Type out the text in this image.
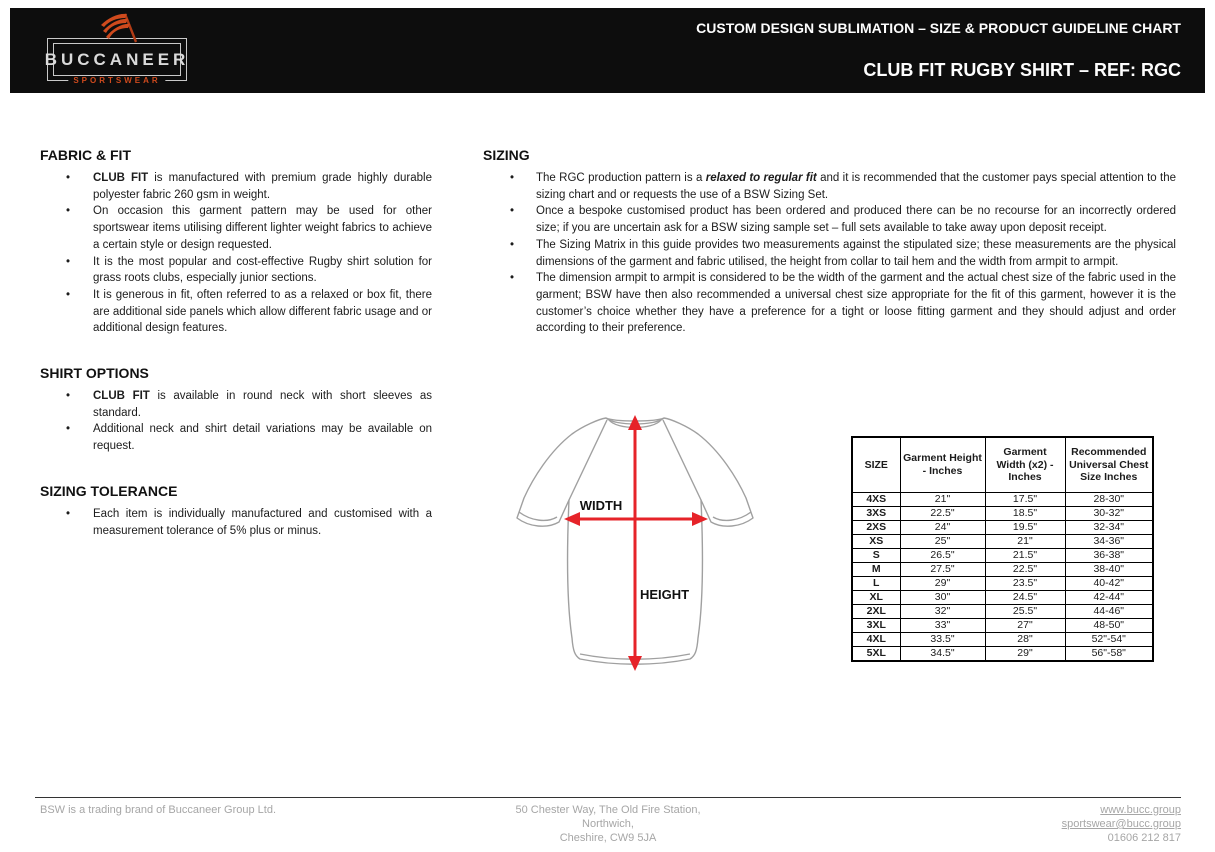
BUCCANEER
SPORTSWEAR
CUSTOM DESIGN SUBLIMATION – SIZE & PRODUCT GUIDELINE CHART
CLUB FIT RUGBY SHIRT – REF: RGC
FABRIC & FIT
• CLUB FIT is manufactured with premium grade highly durable polyester fabric 260 gsm in weight.
• On occasion this garment pattern may be used for other sportswear items utilising different lighter weight fabrics to achieve a certain style or design requested.
• It is the most popular and cost-effective Rugby shirt solution for grass roots clubs, especially junior sections.
• It is generous in fit, often referred to as a relaxed or box fit, there are additional side panels which allow different fabric usage and or additional design features.
SHIRT OPTIONS
• CLUB FIT is available in round neck with short sleeves as standard.
• Additional neck and shirt detail variations may be available on request.
SIZING TOLERANCE
• Each item is individually manufactured and customised with a measurement tolerance of 5% plus or minus.
SIZING
• The RGC production pattern is a relaxed to regular fit and it is recommended that the customer pays special attention to the sizing chart and or requests the use of a BSW Sizing Set.
• Once a bespoke customised product has been ordered and produced there can be no recourse for an incorrectly ordered size; if you are uncertain ask for a BSW sizing sample set – full sets available to take away upon deposit receipt.
• The Sizing Matrix in this guide provides two measurements against the stipulated size; these measurements are the physical dimensions of the garment and fabric utilised, the height from collar to tail hem and the width from armpit to armpit.
• The dimension armpit to armpit is considered to be the width of the garment and the actual chest size of the fabric used in the garment; BSW have then also recommended a universal chest size appropriate for the fit of this garment, however it is the customer’s choice whether they have a preference for a tight or loose fitting garment and they should adjust and order according to their preference.
WIDTH
HEIGHT
SIZE	Garment Height - Inches	Garment Width (x2) - Inches	Recommended Universal Chest Size Inches
4XS	21"	17.5"	28-30"
3XS	22.5"	18.5"	30-32"
2XS	24"	19.5"	32-34"
XS	25"	21"	34-36"
S	26.5"	21.5"	36-38"
M	27.5"	22.5"	38-40"
L	29"	23.5"	40-42"
XL	30"	24.5"	42-44"
2XL	32"	25.5"	44-46"
3XL	33"	27"	48-50"
4XL	33.5"	28"	52"-54"
5XL	34.5"	29"	56"-58"
BSW is a trading brand of Buccaneer Group Ltd.	50 Chester Way, The Old Fire Station,
Northwich,
Cheshire, CW9 5JA
www.bucc.group
sportswear@bucc.group
01606 212 817
